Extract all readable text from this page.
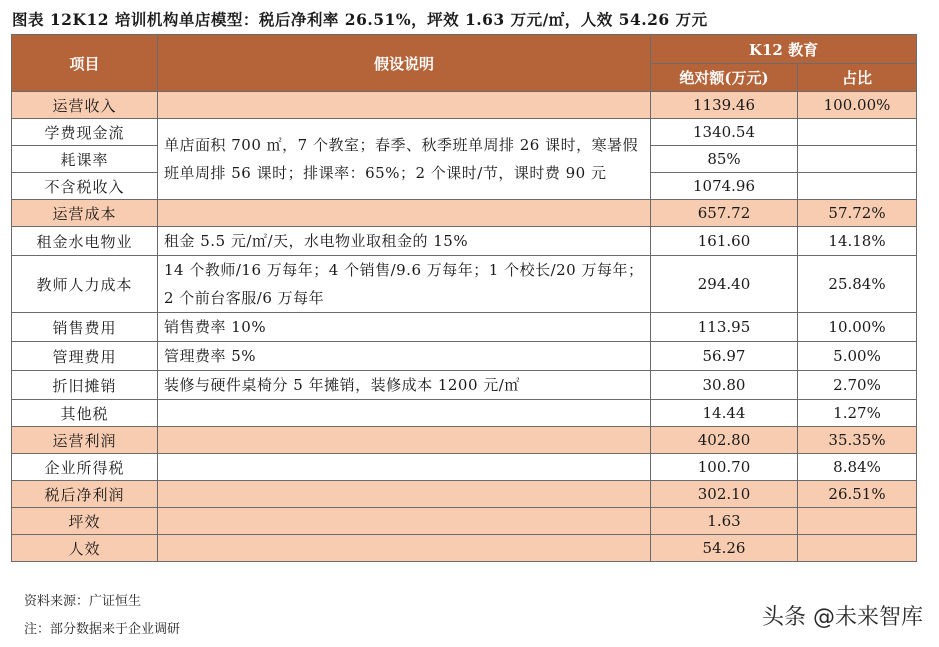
图表 12K12 培训机构单店模型：税后净利率 26.51%，坪效 1.63 万元/㎡，人效 54.26 万元
项目	假设说明	K12 教育	
		绝对额(万元)	占比
运营收入		1139.46	100.00%
学费现金流	单店面积 700 ㎡，7 个教室；春季、秋季班单周排 26 课时，寒暑假班单周排 56 课时；排课率：65%；2 个课时/节，课时费 90 元	1340.54	
耗课率		85%	
不含税收入		1074.96	
运营成本		657.72	57.72%
租金水电物业	租金 5.5 元/㎡/天，水电物业取租金的 15%	161.60	14.18%
教师人力成本	14 个教师/16 万每年；4 个销售/9.6 万每年；1 个校长/20 万每年；2 个前台客服/6 万每年	294.40	25.84%
销售费用	销售费率 10%	113.95	10.00%
管理费用	管理费率 5%	56.97	5.00%
折旧摊销	装修与硬件桌椅分 5 年摊销，装修成本 1200 元/㎡	30.80	2.70%
其他税		14.44	1.27%
运营利润		402.80	35.35%
企业所得税		100.70	8.84%
税后净利润		302.10	26.51%
坪效		1.63	
人效		54.26	
资料来源：广证恒生
注：部分数据来于企业调研	头条 @未来智库
